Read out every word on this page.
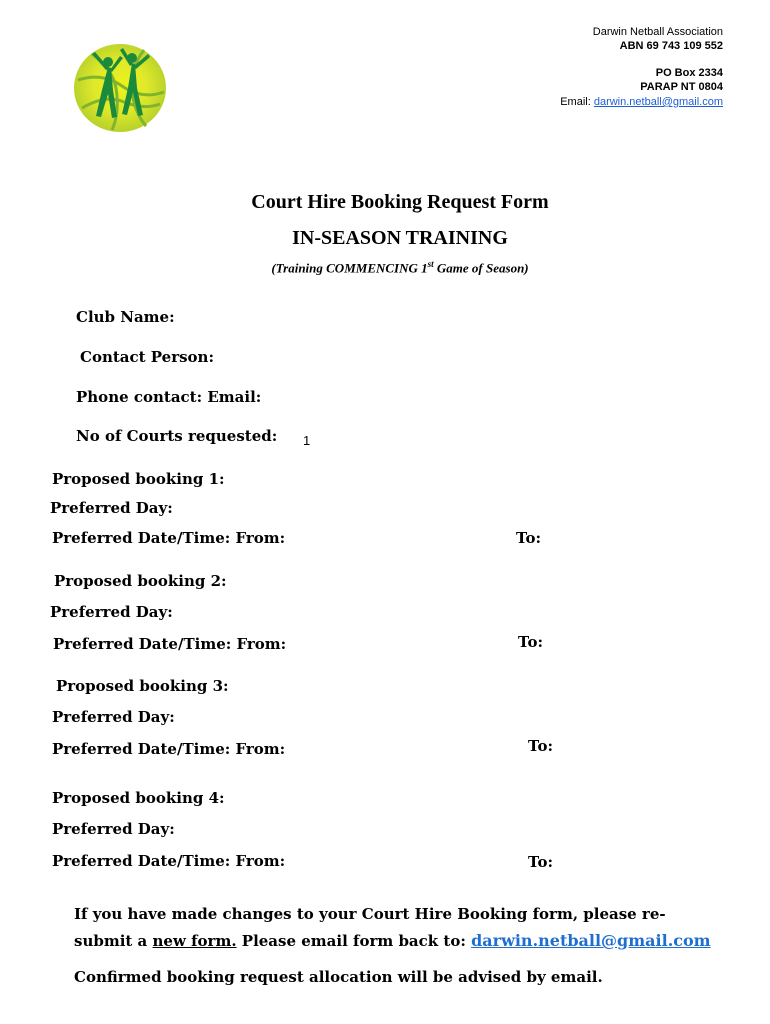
Darwin Netball Association

ABN 69 743 109 552

PO Box 2334

PARAP NT 0804

Email: darwin.netball@gmail.com

Court Hire Booking Request Form

IN-SEASON TRAINING

(Training COMMENCING 1st Game of Season)

Club Name:

Contact Person:

Phone contact: Email:

No of Courts requested: 1

Proposed booking 1:

Preferred Day:

Preferred Date/Time: From:	To:

Proposed booking 2:

Preferred Day:

Preferred Date/Time: From:	To:

Proposed booking 3:

Preferred Day:

Preferred Date/Time: From:	To:

Proposed booking 4:

Preferred Day:

Preferred Date/Time: From:	To:

If you have made changes to your Court Hire Booking form, please re-

submit a new form. Please email form back to: darwin.netball@gmail.com

Confirmed booking request allocation will be advised by email.
